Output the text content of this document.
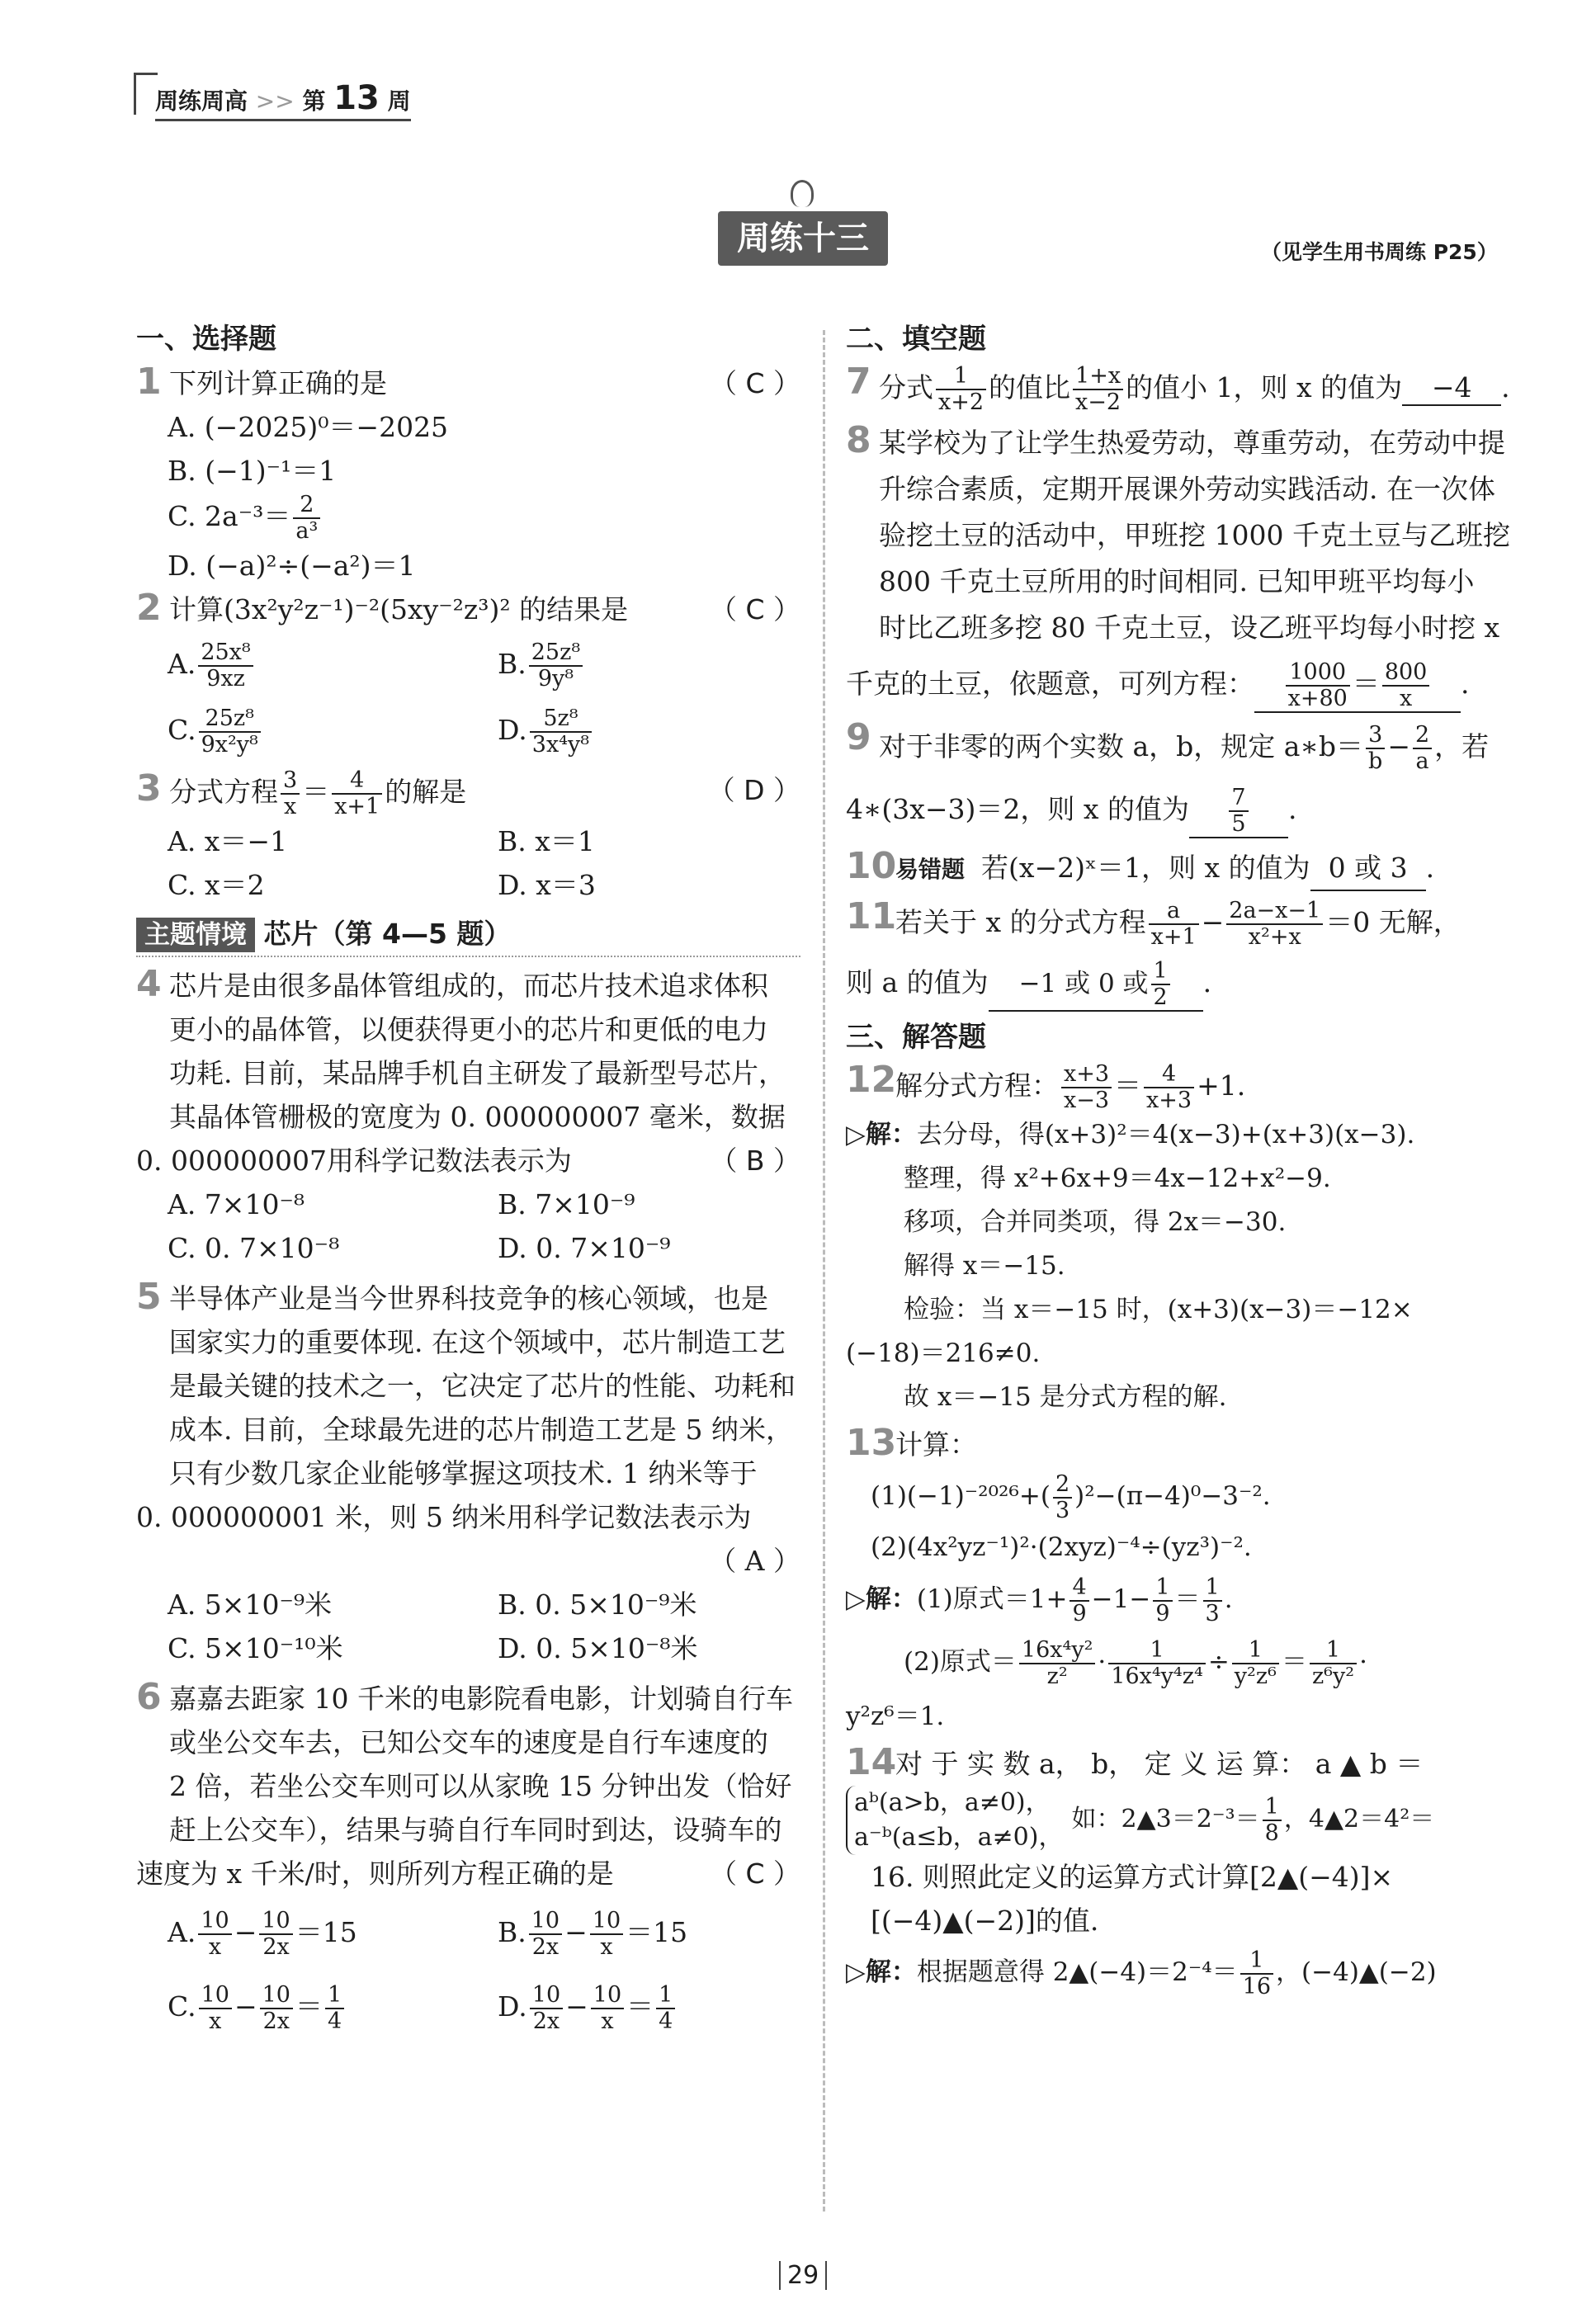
周练周高 >> 第 13 周
周练十三	（见学生用书周练 P25）

一、选择题

1 下列计算正确的是	（ C ）

A. (−2025)⁰＝−2025

B. (−1)⁻¹＝1

C. $2a^{-3}= \frac{2}{\text{a³}}$

D. (−a)²÷(−a²)＝1

2 计算(3x²y²z⁻¹)⁻²(5xy⁻²z³)² 的结果是	（ C ）
A. $\frac{\text{25x⁸}}{9xz}$	B. $\frac{\text{25z⁸}}{\text{9y⁸}}$
C. $\frac{\text{25z⁸}}{\text{9x²y⁸}}$	D. $\frac{\text{5z⁸}}{\text{3x⁴y⁸}}$
3 分式方程 $\frac{3}{x} = \frac{4}{x+1}$ 的解是	（ D ）
A. x＝−1	B. x＝1
C. x＝2	D. x＝3
主题情境 芯片（第 4—5 题）
4 芯片是由很多晶体管组成的，而芯片技术追求体积
更小的晶体管，以便获得更小的芯片和更低的电力
功耗. 目前，某品牌手机自主研发了最新型号芯片，
其晶体管栅极的宽度为 0. 000000007 毫米，数据

0. 000000007用科学记数法表示为	（ B ）

A. 7×10⁻⁸	B. 7×10⁻⁹
C. 0. 7×10⁻⁸	D. 0. 7×10⁻⁹
5 半导体产业是当今世界科技竞争的核心领域，也是
国家实力的重要体现. 在这个领域中，芯片制造工艺
是最关键的技术之一，它决定了芯片的性能、功耗和
成本. 目前，全球最先进的芯片制造工艺是 5 纳米，
只有少数几家企业能够掌握这项技术. 1 纳米等于

0. 000000001 米，则 5 纳米用科学记数法表示为

（ A ）

A. 5×10⁻⁹米	B. 0. 5×10⁻⁹米
C. 5×10⁻¹⁰米	D. 0. 5×10⁻⁸米
6 嘉嘉去距家 10 千米的电影院看电影，计划骑自行车
或坐公交车去，已知公交车的速度是自行车速度的
2 倍，若坐公交车则可以从家晚 15 分钟出发（恰好
赶上公交车），结果与骑自行车同时到达，设骑车的

速度为 x 千米/时，则所列方程正确的是	（ C ）

A. $\frac{10}{x} - \frac{10}{2x} =15$	B. $\frac{10}{2x} - \frac{10}{x} =15$
C. $\frac{10}{x} - \frac{10}{2x} = \frac{1}{4}$	D. $\frac{10}{2x} - \frac{10}{x} = \frac{1}{4}$

二、填空题

7 分式 $\frac{1}{x+2}$ 的值比 $\frac{1+x}{x-2}$ 的值小 1，则 x 的值为 −4 .
8 某学校为了让学生热爱劳动，尊重劳动，在劳动中提
升综合素质，定期开展课外劳动实践活动. 在一次体
验挖土豆的活动中，甲班挖 1000 千克土豆与乙班挖
800 千克土豆所用的时间相同. 已知甲班平均每小
时比乙班多挖 80 千克土豆，设乙班平均每小时挖 x

千克的土豆，依题意，可列方程： $\frac{1000}{x+80} = \frac{800}{x}$ .

9 对于非零的两个实数 a，b，规定 a∗b＝ $\frac{3}{b} - \frac{2}{a}$ ，若

4∗(3x−3)＝2，则 x 的值为 $\frac{7}{5}$ .

10
易错题 若(x−2)ˣ＝1，则 x 的值为 0 或 3 .
11
若关于 x 的分式方程 $\frac{a}{x+1} - \frac{2a-x-1}{\text{x²+x}} =0$ 无解，

则 a 的值为 −1 或 0 或 $\frac{1}{2}$ .

三、解答题

12
解分式方程： $\frac{x+3}{x-3} = \frac{4}{x+3} +1$.

▷解：去分母，得(x+3)²＝4(x−3)+(x+3)(x−3).

整理，得 x²+6x+9＝4x−12+x²−9.

移项，合并同类项，得 2x＝−30.

解得 x＝−15.

检验：当 x＝−15 时，(x+3)(x−3)＝−12×

(−18)＝216≠0.

故 x＝−15 是分式方程的解.

13
计算：

$(1)(-1)^{-2026}+( \frac{2}{3} )^2-(\pi-4)^0-3^{-2}$.

(2)(4x²yz⁻¹)²·(2xyz)⁻⁴÷(yz³)⁻².

▷解：(1)原式$=1+ \frac{4}{9} -1- \frac{1}{9} = \frac{1}{3}$ .

(2)原式＝ $\frac{\text{16x⁴y²}}{\text{z²}} \cdot \frac{1}{\text{16x⁴y⁴z⁴}} \div \frac{1}{\text{y²z⁶}} = \frac{1}{\text{z⁶y²}}$ ·

y²z⁶＝1.

14
对 于 实 数 a， b， 定 义 运 算： a ▲ b ＝
aᵇ(a>b，a≠0)，
a⁻ᵇ(a≤b，a≠0)，
如：2▲3＝2⁻³＝ $\frac{1}{8}$ ，4▲2＝4²＝

16. 则照此定义的运算方式计算[2▲(−4)]×

[(−4)▲(−2)]的值.

▷解：根据题意得 2▲(−4)＝2⁻⁴＝ $\frac{1}{16}$ ，(−4)▲(−2)

29
